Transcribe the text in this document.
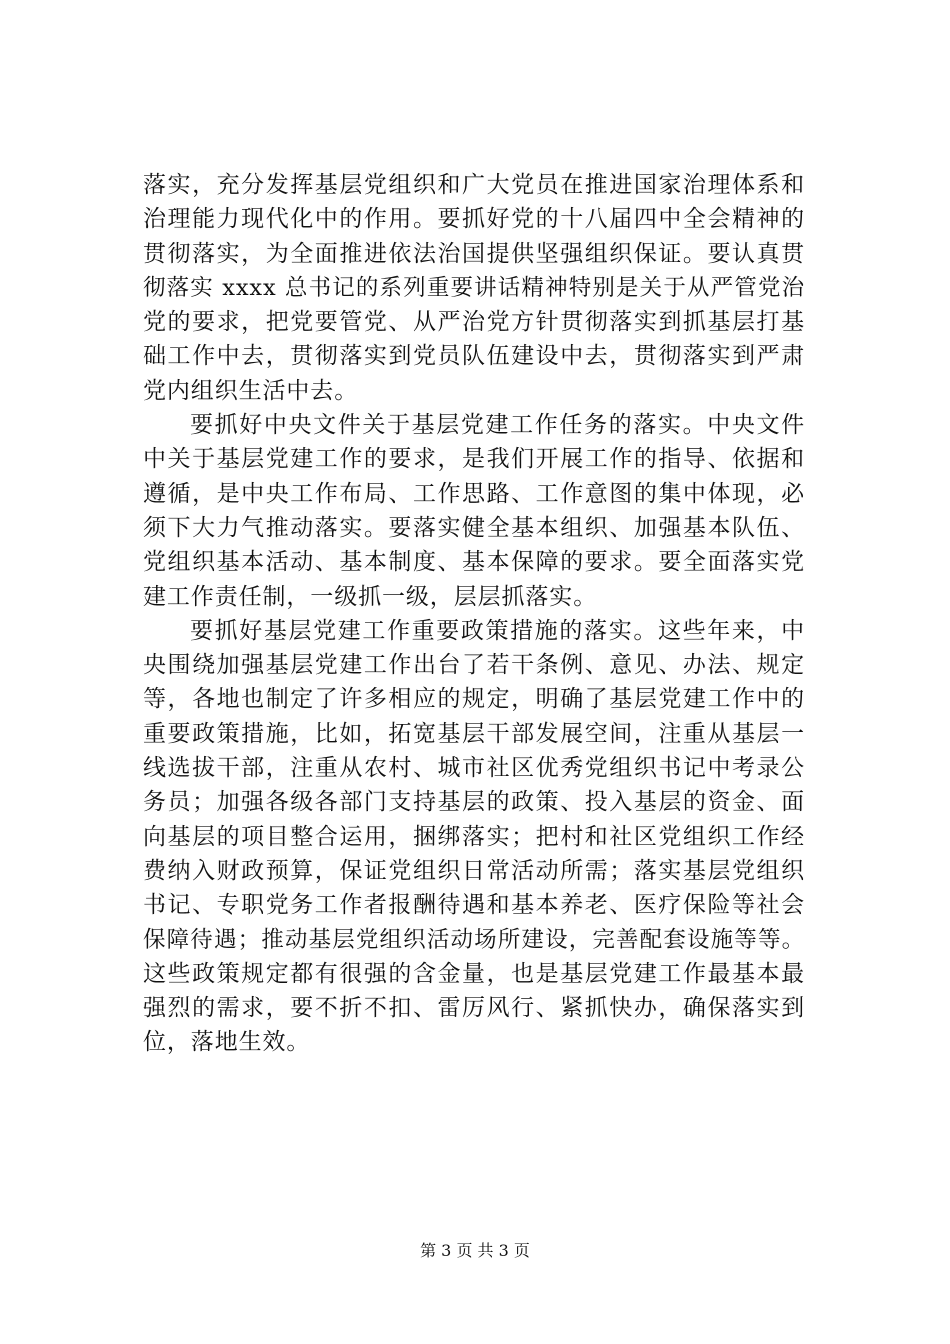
落实，充分发挥基层党组织和广大党员在推进国家治理体系和
治理能力现代化中的作用。要抓好党的十八届四中全会精神的
贯彻落实，为全面推进依法治国提供坚强组织保证。要认真贯
彻落实 xxxx 总书记的系列重要讲话精神特别是关于从严管党治
党的要求，把党要管党、从严治党方针贯彻落实到抓基层打基
础工作中去，贯彻落实到党员队伍建设中去，贯彻落实到严肃
党内组织生活中去。
要抓好中央文件关于基层党建工作任务的落实。中央文件
中关于基层党建工作的要求，是我们开展工作的指导、依据和
遵循，是中央工作布局、工作思路、工作意图的集中体现，必
须下大力气推动落实。要落实健全基本组织、加强基本队伍、
党组织基本活动、基本制度、基本保障的要求。要全面落实党
建工作责任制，一级抓一级，层层抓落实。
要抓好基层党建工作重要政策措施的落实。这些年来，中
央围绕加强基层党建工作出台了若干条例、意见、办法、规定
等，各地也制定了许多相应的规定，明确了基层党建工作中的
重要政策措施，比如，拓宽基层干部发展空间，注重从基层一
线选拔干部，注重从农村、城市社区优秀党组织书记中考录公
务员；加强各级各部门支持基层的政策、投入基层的资金、面
向基层的项目整合运用，捆绑落实；把村和社区党组织工作经
费纳入财政预算，保证党组织日常活动所需；落实基层党组织
书记、专职党务工作者报酬待遇和基本养老、医疗保险等社会
保障待遇；推动基层党组织活动场所建设，完善配套设施等等。
这些政策规定都有很强的含金量，也是基层党建工作最基本最
强烈的需求，要不折不扣、雷厉风行、紧抓快办，确保落实到
位，落地生效。
第 3 页 共 3 页
